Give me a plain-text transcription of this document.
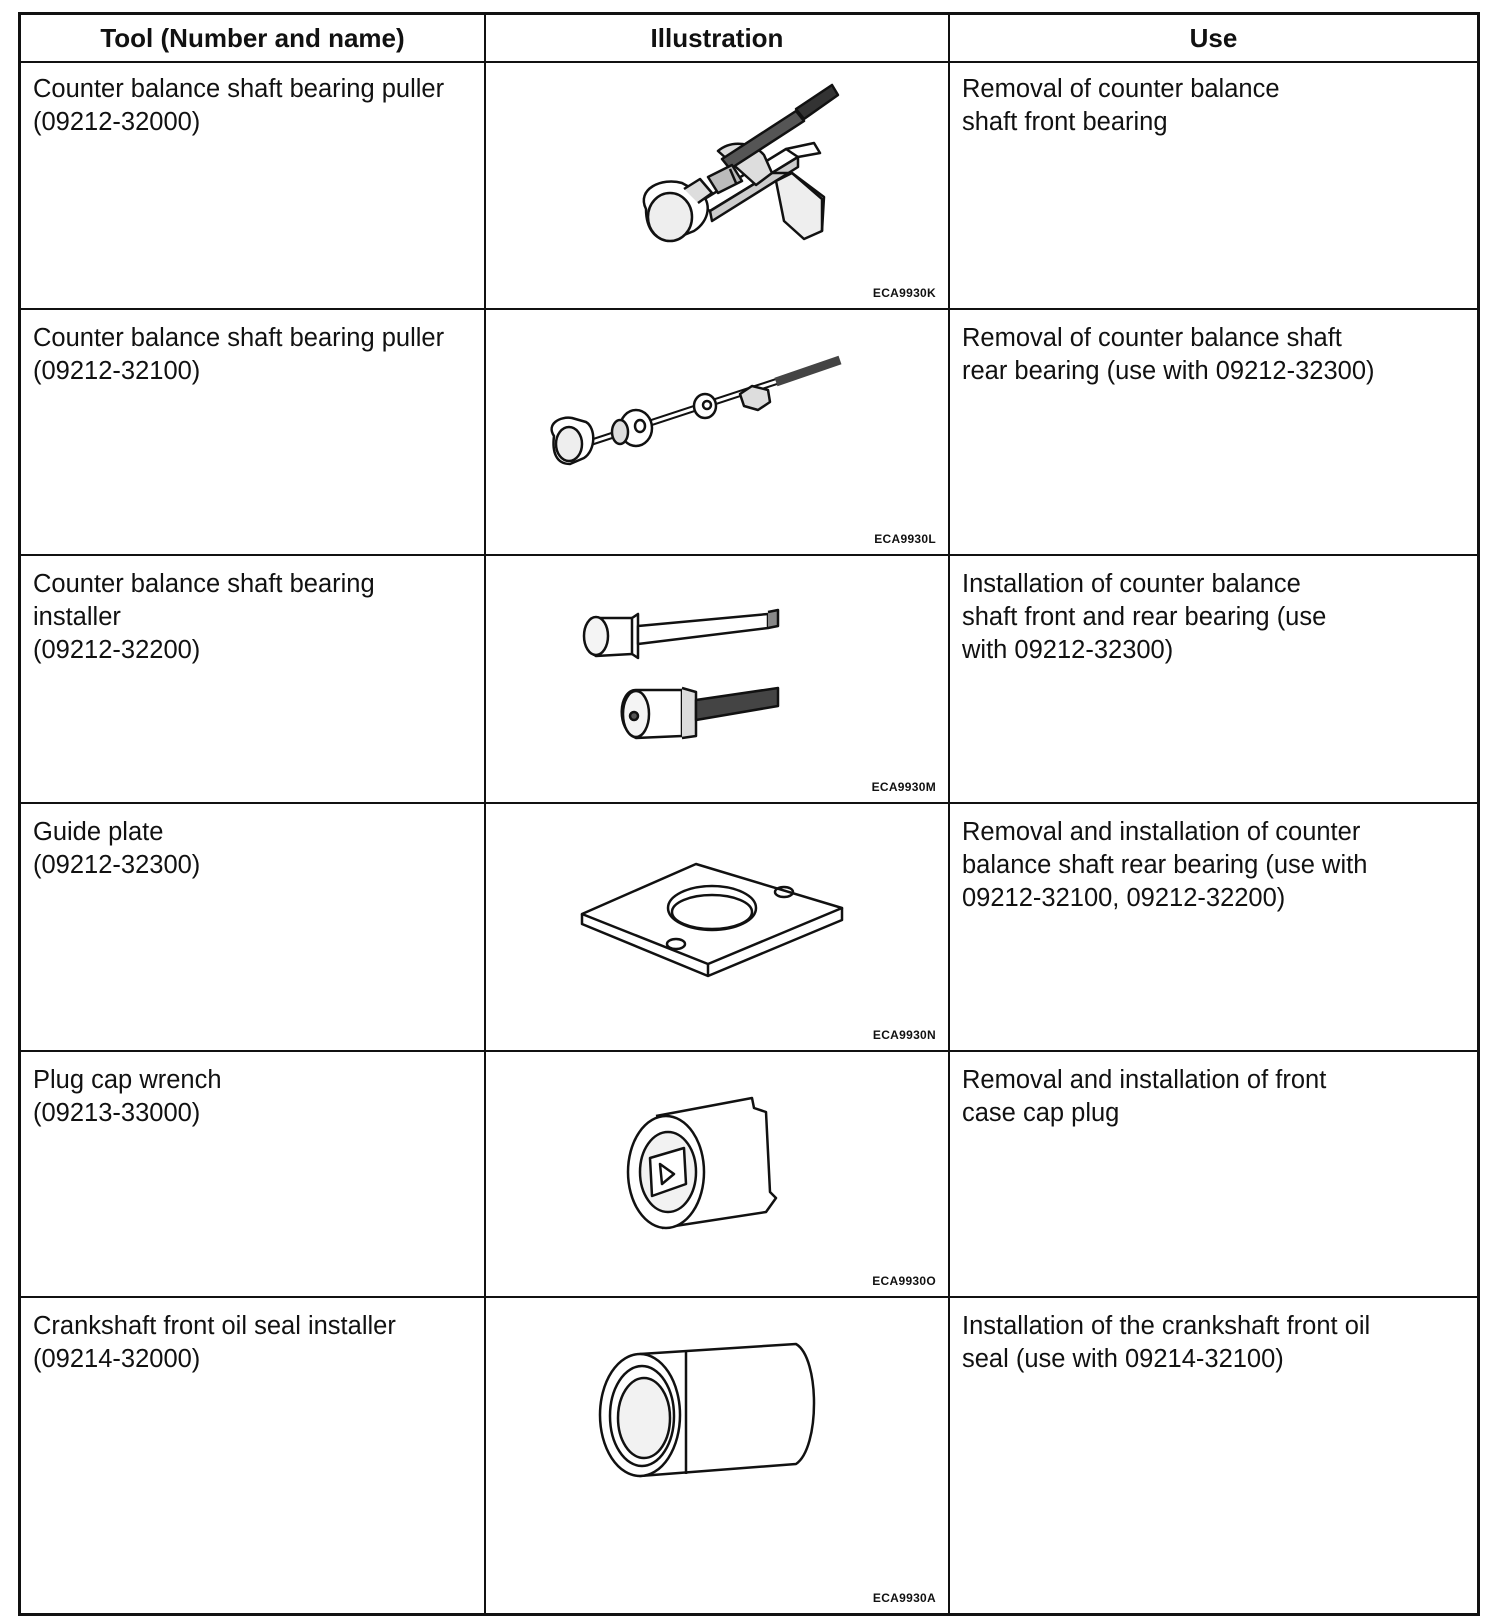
Tool (Number and name)	Illustration	Use
Counter balance shaft bearing puller
(09212-32000)
ECA9930K
Removal of counter balance
shaft front bearing
Counter balance shaft bearing puller
(09212-32100)
ECA9930L
Removal of counter balance shaft
rear bearing (use with 09212-32300)
Counter balance shaft bearing
installer
(09212-32200)
ECA9930M
Installation of counter balance
shaft front and rear bearing (use
with 09212-32300)
Guide plate
(09212-32300)
ECA9930N
Removal and installation of counter
balance shaft rear bearing (use with
09212-32100, 09212-32200)
Plug cap wrench
(09213-33000)
ECA9930O
Removal and installation of front
case cap plug
Crankshaft front oil seal installer
(09214-32000)
ECA9930A
Installation of the crankshaft front oil
seal (use with 09214-32100)
